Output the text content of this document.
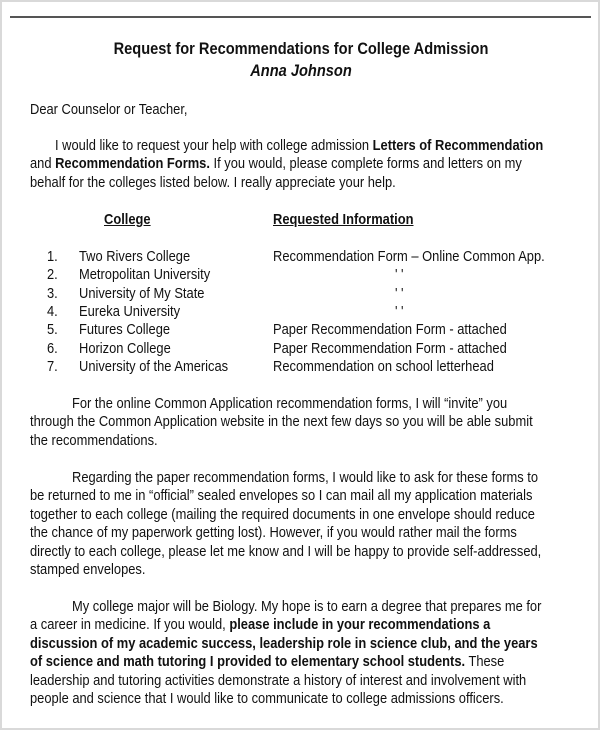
Request for Recommendations for College Admission
Anna Johnson
Dear Counselor or Teacher,
College	Requested Information
1. Two Rivers College	Recommendation Form – Online Common App.
2. Metropolitan University	' '
3. University of My State	' '
4. Eureka University	' '
5. Futures College	Paper Recommendation Form - attached
6. Horizon College	Paper Recommendation Form - attached
7. University of the Americas	Recommendation on school letterhead
I would like to request your help with college admission Letters of Recommendation
and Recommendation Forms. If you would, please complete forms and letters on my
behalf for the colleges listed below. I really appreciate your help.
For the online Common Application recommendation forms, I will “invite” you
through the Common Application website in the next few days so you will be able submit
the recommendations.
Regarding the paper recommendation forms, I would like to ask for these forms to
be returned to me in “official” sealed envelopes so I can mail all my application materials
together to each college (mailing the required documents in one envelope should reduce
the chance of my paperwork getting lost). However, if you would rather mail the forms
directly to each college, please let me know and I will be happy to provide self-addressed,
stamped envelopes.
My college major will be Biology. My hope is to earn a degree that prepares me for
a career in medicine. If you would, please include in your recommendations a
discussion of my academic success, leadership role in science club, and the years
of science and math tutoring I provided to elementary school students. These
leadership and tutoring activities demonstrate a history of interest and involvement with
people and science that I would like to communicate to college admissions officers.
